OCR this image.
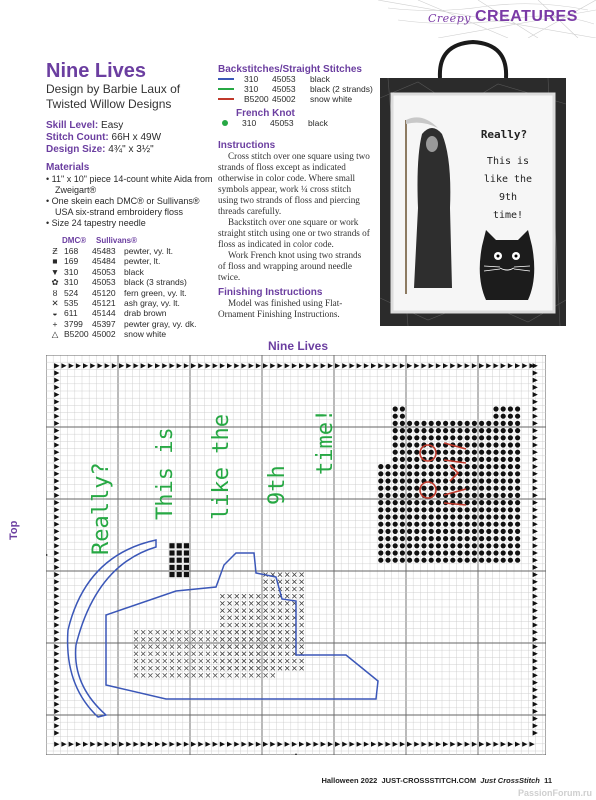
Creepy CREATURES
Nine Lives
Design by Barbie Laux of
Twisted Willow Designs
Skill Level: Easy
Stitch Count: 66H x 49W
Design Size: 4¾" x 3½"
Materials
• 11" x 10" piece 14-count white Aida from Zweigart®
• One skein each DMC® or Sullivans® USA six-strand embroidery floss
• Size 24 tapestry needle
DMC® Sullivans®
Ƶ 168	45483 pewter, vy. lt.
■ 169	45484 pewter, lt.
▼ 310	45053 black
✿ 310	45053 black (3 strands)
ȣ 524	45120 fern green, vy. lt.
✕ 535	45121 ash gray, vy. lt.
◒ 611	45144 drab brown
+ 3799	45397 pewter gray, vy. dk.
△ B5200 45002 snow white
Backstitches/Straight Stitches
310	45053	black
310	45053	black (2 strands)
B5200 45002	snow white
French Knot
310	45053	black
Instructions

Cross stitch over one square using two strands of floss except as indicated otherwise in color code. Where small symbols appear, work ¼ cross stitch using two strands of floss and piercing threads carefully.

Backstitch over one square or work straight stitch using one or two strands of floss as indicated in color code.

Work French knot using two strands of floss and wrapping around needle twice.

Finishing Instructions
Model was finished using Flat-Ornament Finishing Instructions.
Really?
This is
like the
9th
time!
Nine Lives
Top	Really? This is like the 9th
time!
Halloween 2022 JUST-CROSSSTITCH.COM Just CrossStitch 11
PassionForum.ru
